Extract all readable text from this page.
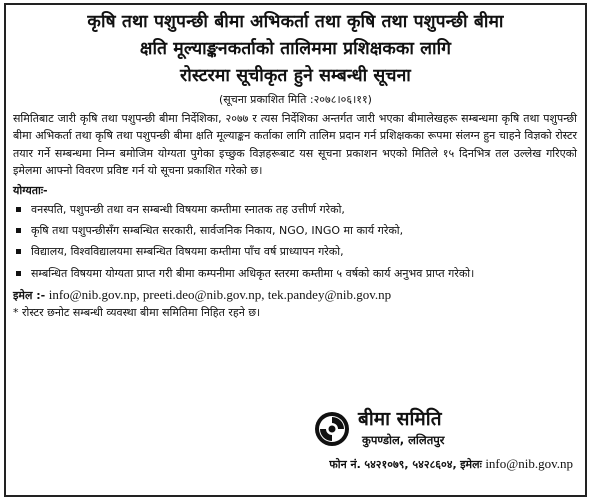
कृषि तथा पशुपन्छी बीमा अभिकर्ता तथा कृषि तथा पशुपन्छी बीमा
क्षति मूल्याङ्कनकर्ताको तालिममा प्रशिक्षकका लागि
रोस्टरमा सूचीकृत हुने सम्बन्धी सूचना
(सूचना प्रकाशित मिति :२०७८।०६।११)

समितिबाट जारी कृषि तथा पशुपन्छी बीमा निर्देशिका, २०७७ र त्यस निर्देशिका अन्तर्गत जारी भएका बीमालेखहरू सम्बन्धमा कृषि तथा पशुपन्छी बीमा अभिकर्ता तथा कृषि तथा पशुपन्छी बीमा क्षति मूल्याङ्कन कर्ताका लागि तालिम प्रदान गर्न प्रशिक्षकका रूपमा संलग्न हुन चाहने विज्ञको रोस्टर तयार गर्ने सम्बन्धमा निम्न बमोजिम योग्यता पुगेका इच्छुक विज्ञहरूबाट यस सूचना प्रकाशन भएको मितिले १५ दिनभित्र तल उल्लेख गरिएको इमेलमा आफ्नो विवरण प्रविष्ट गर्न यो सूचना प्रकाशित गरेको छ।

योग्यताः-
वनस्पति, पशुपन्छी तथा वन सम्बन्धी विषयमा कम्तीमा स्नातक तह उत्तीर्ण गरेको,
कृषि तथा पशुपन्छीसँग सम्बन्धित सरकारी, सार्वजनिक निकाय, NGO, INGO मा कार्य गरेको,
विद्यालय, विश्वविद्यालयमा सम्बन्धित विषयमा कम्तीमा पाँच वर्ष प्राध्यापन गरेको,
सम्बन्धित विषयमा योग्यता प्राप्त गरी बीमा कम्पनीमा अधिकृत स्तरमा कम्तीमा ५ वर्षको कार्य अनुभव प्राप्त गरेको।
इमेल :- info@nib.gov.np, preeti.deo@nib.gov.np, tek.pandey@nib.gov.np
* रोस्टर छनोट सम्बन्धी व्यवस्था बीमा समितिमा निहित रहने छ।
बीमा समिति
कुपण्डोल, ललितपुर
फोन नं. ५४२१०७९, ५४२८६०४, इमेलः info@nib.gov.np
